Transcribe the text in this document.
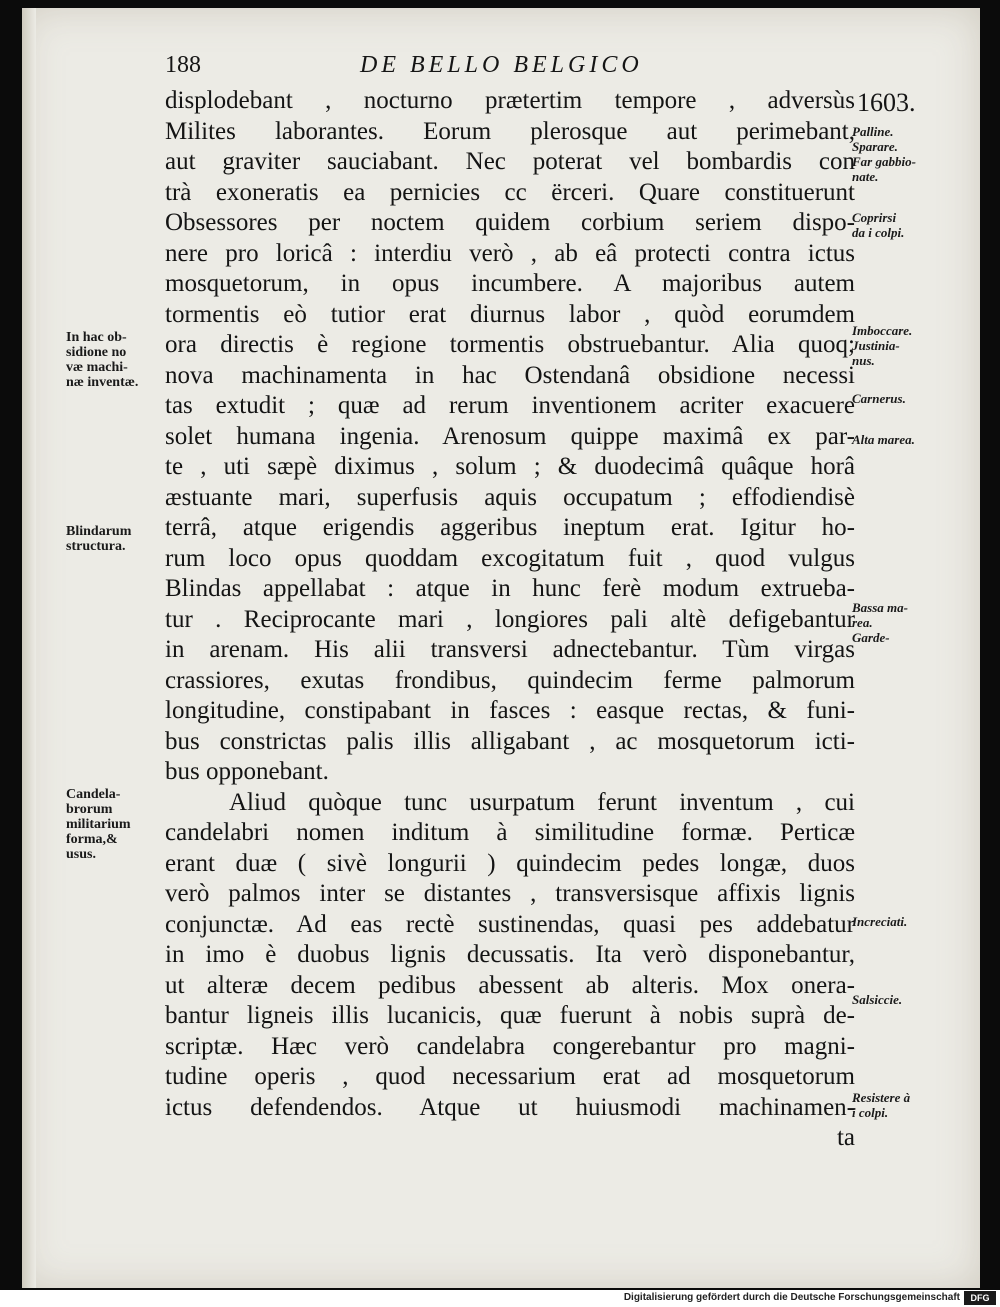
188	DE BELLO BELGICO
1603.
displodebant , nocturno prætertim tempore , adversùs
Milites laborantes. Eorum plerosque aut perimebant,
aut graviter sauciabant. Nec poterat vel bombardis con
trà exoneratis ea pernicies cc ërceri. Quare constituerunt
Obsessores per noctem quidem corbium seriem dispo-
nere pro loricâ : interdiu verò , ab eâ protecti contra ictus
mosquetorum, in opus incumbere. A majoribus autem
tormentis eò tutior erat diurnus labor , quòd eorumdem
ora directis è regione tormentis obstruebantur. Alia quoq;
nova machinamenta in hac Ostendanâ obsidione necessi
tas extudit ; quæ ad rerum inventionem acriter exacuere
solet humana ingenia. Arenosum quippe maximâ ex par-
te , uti sæpè diximus , solum ; & duodecimâ quâque horâ
æstuante mari, superfusis aquis occupatum ; effodiendisè
terrâ, atque erigendis aggeribus ineptum erat. Igitur ho-
rum loco opus quoddam excogitatum fuit , quod vulgus
Blindas appellabat : atque in hunc ferè modum extrueba-
tur . Reciprocante mari , longiores pali altè defigebantur
in arenam. His alii transversi adnectebantur. Tùm virgas
crassiores, exutas frondibus, quindecim ferme palmorum
longitudine, constipabant in fasces : easque rectas, & funi-
bus constrictas palis illis alligabant , ac mosquetorum icti-
bus opponebant.
Aliud quòque tunc usurpatum ferunt inventum , cui
candelabri nomen inditum à similitudine formæ. Perticæ
erant duæ ( sivè longurii ) quindecim pedes longæ, duos
verò palmos inter se distantes , transversisque affixis lignis
conjunctæ. Ad eas rectè sustinendas, quasi pes addebatur
in imo è duobus lignis decussatis. Ita verò disponebantur,
ut alteræ decem pedibus abessent ab alteris. Mox onera-
bantur ligneis illis lucanicis, quæ fuerunt à nobis suprà de-
scriptæ. Hæc verò candelabra congerebantur pro magni-
tudine operis , quod necessarium erat ad mosquetorum
ictus defendendos. Atque ut huiusmodi machinamen-
ta
In hac ob-
sidione no
væ machi-
næ inventæ.
Blindarum
structura.
Candela-
brorum
militarium
forma,&
usus.
Palline.
Sparare.
Far gabbio-
nate.
Coprirsi
da i colpi.
Imboccare.
Justinia-
nus.
Carnerus.
Alta marea.
Bassa ma-
rea.
Garde-
Increciati.
Salsiccie.
Resistere à
i colpi.
Digitalisierung gefördert durch die Deutsche Forschungsgemeinschaft	DFG
